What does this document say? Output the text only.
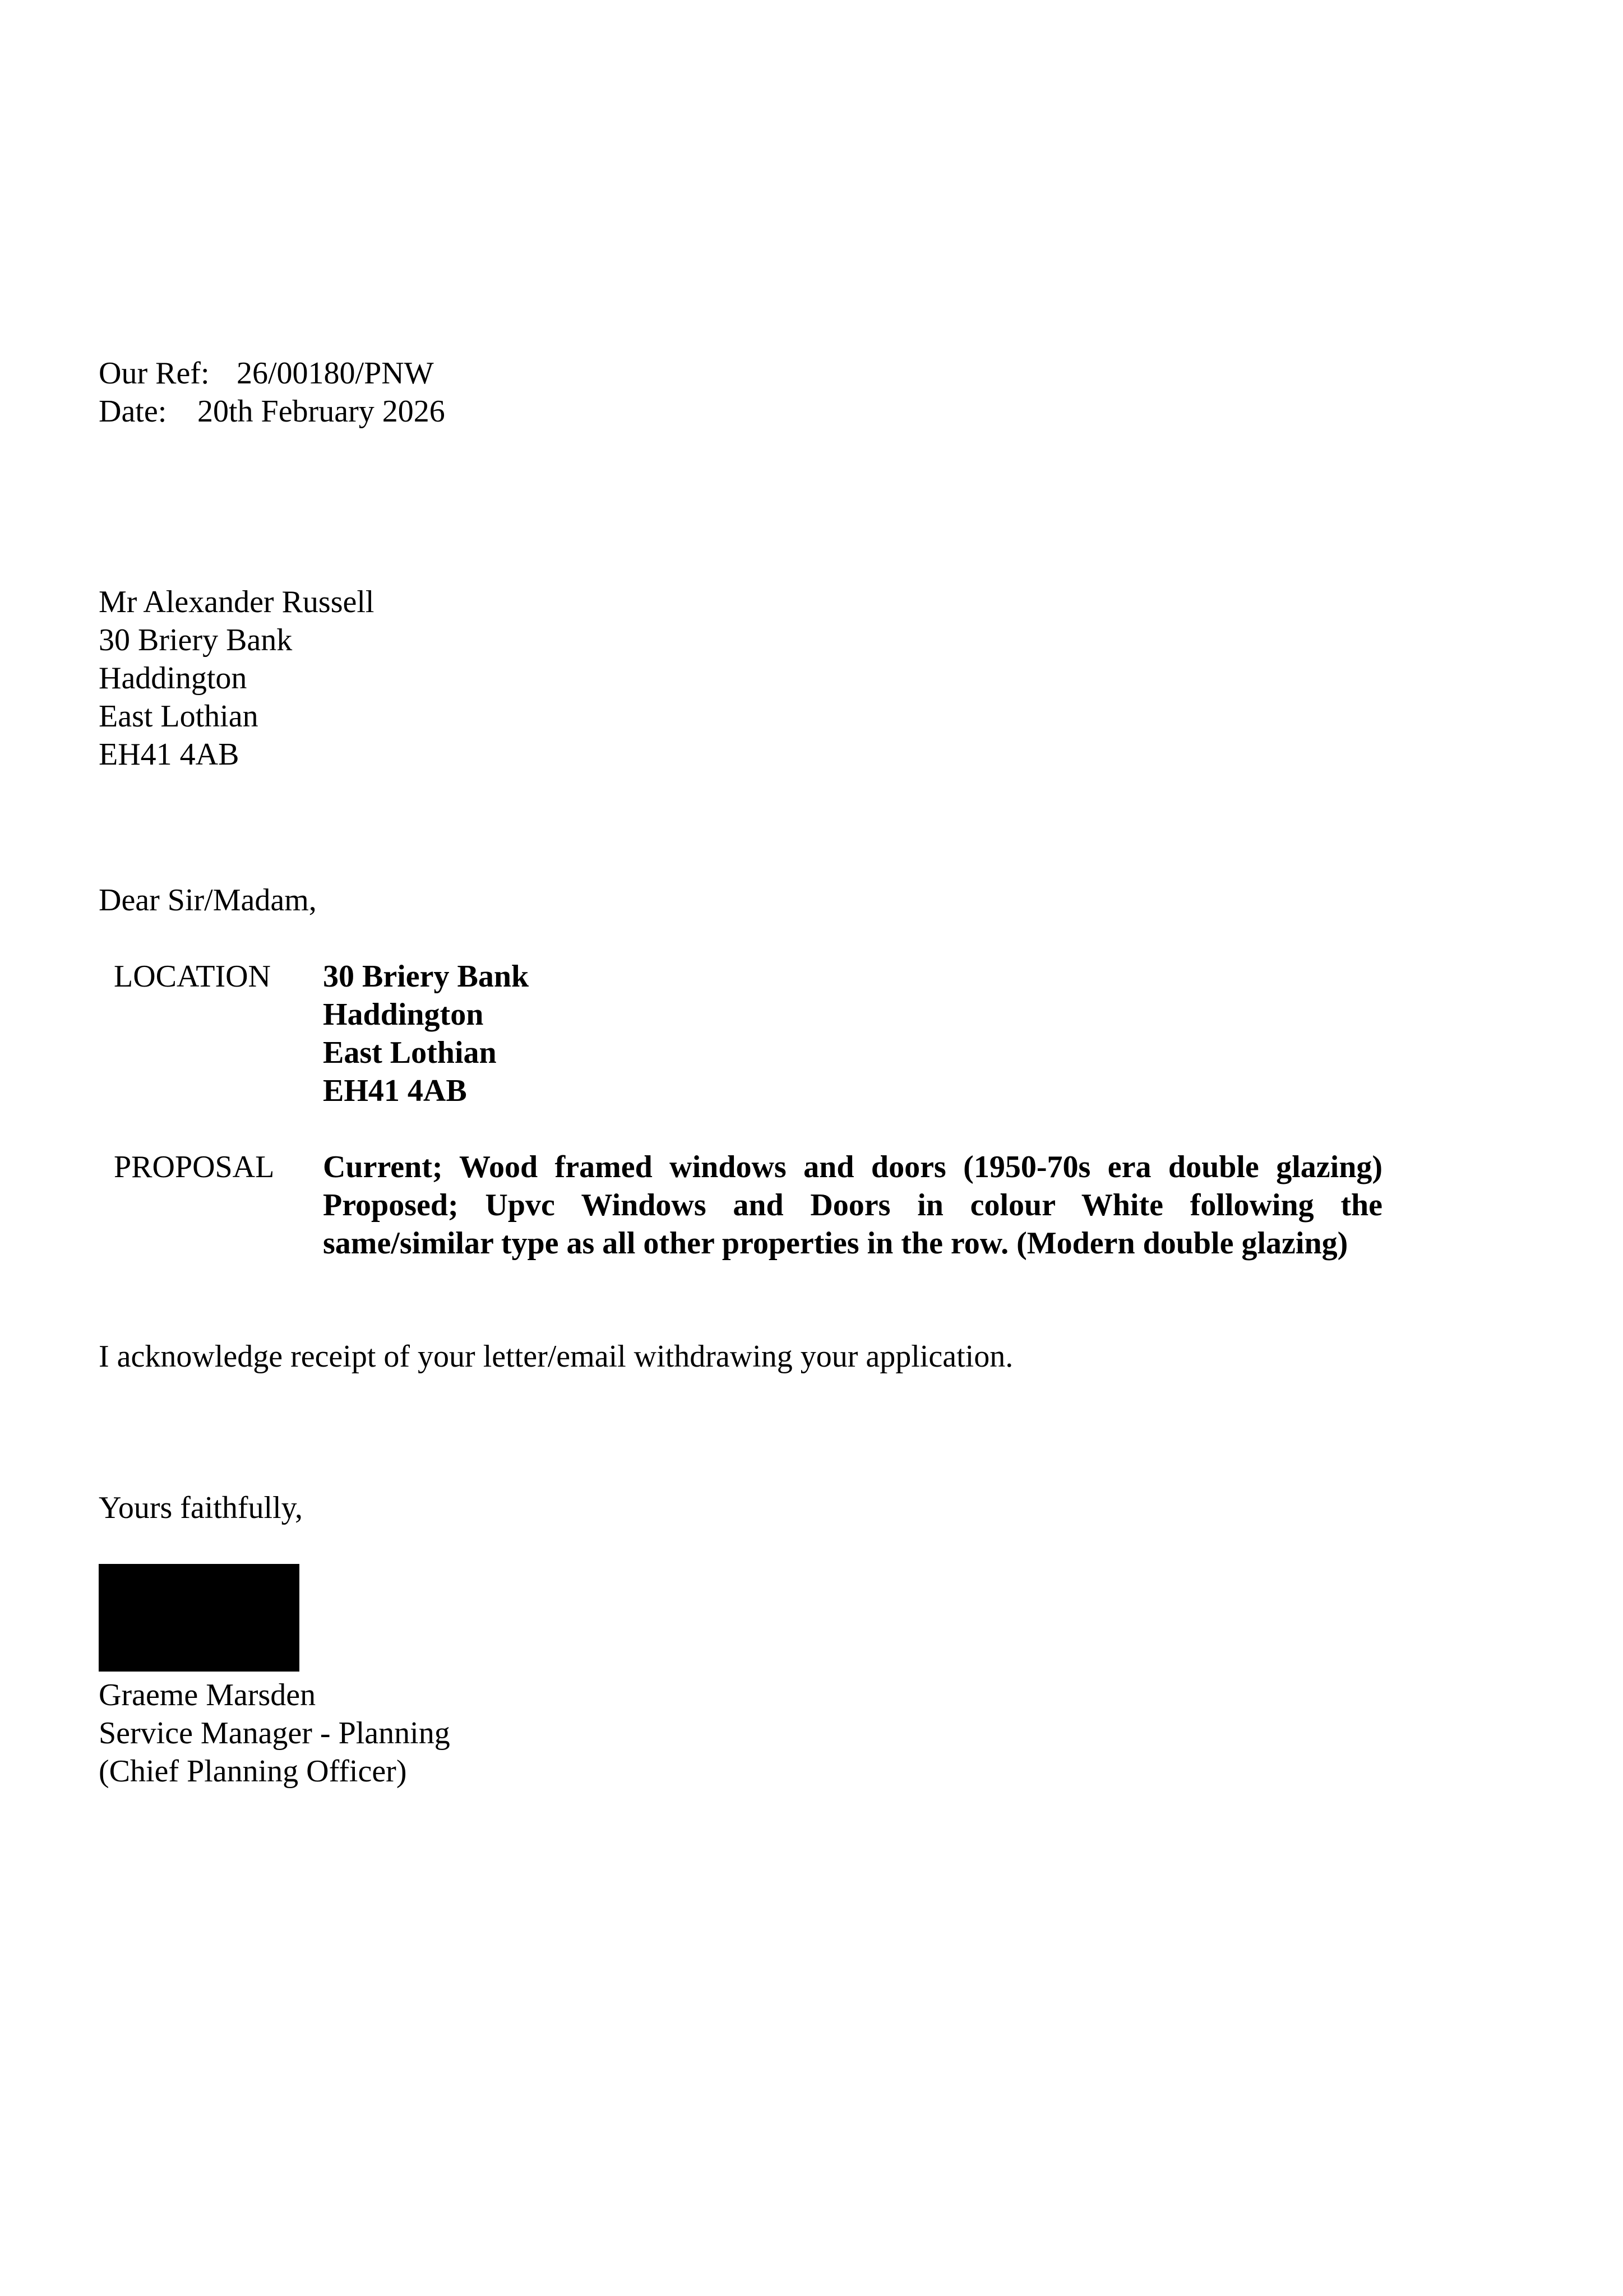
Our Ref: 26/00180/PNW
Date: 20th February 2026
Mr Alexander Russell
30 Briery Bank
Haddington
East Lothian
EH41 4AB
Dear Sir/Madam,
LOCATION	30 Briery Bank
Haddington
East Lothian
EH41 4AB
PROPOSAL	Current; Wood framed windows and doors (1950-70s era double glazing) Proposed; Upvc Windows and Doors in colour White following the same/similar type as all other properties in the row. (Modern double glazing)
I acknowledge receipt of your letter/email withdrawing your application.
Yours faithfully,
Graeme Marsden
Service Manager - Planning
(Chief Planning Officer)
